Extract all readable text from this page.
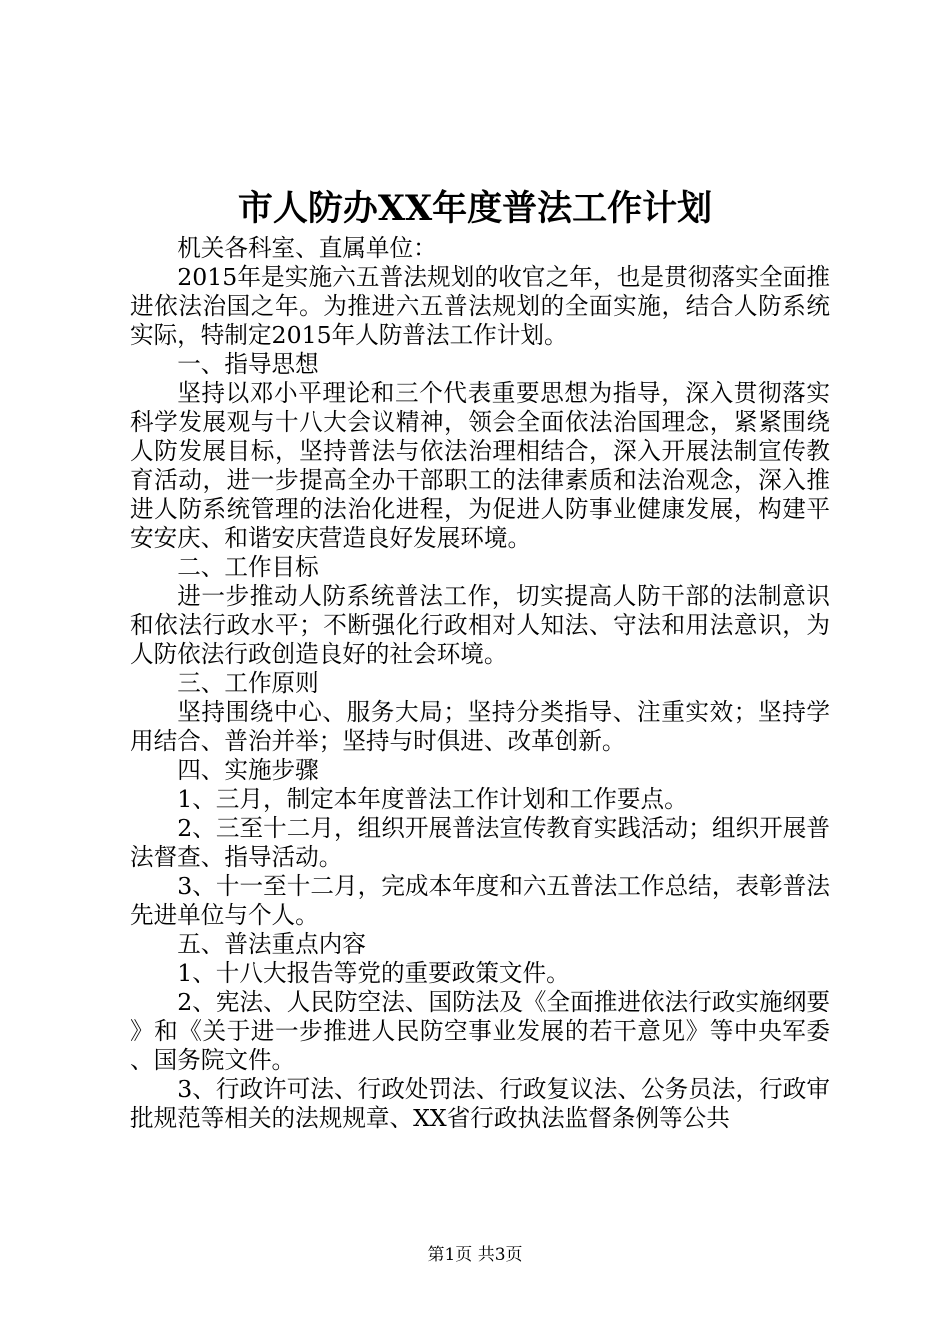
市人防办XX年度普法工作计划

机关各科室、直属单位：

2015年是实施六五普法规划的收官之年，也是贯彻落实全面推进依法治国之年。为推进六五普法规划的全面实施，结合人防系统实际，特制定2015年人防普法工作计划。

一、指导思想

坚持以邓小平理论和三个代表重要思想为指导，深入贯彻落实科学发展观与十八大会议精神，领会全面依法治国理念，紧紧围绕人防发展目标，坚持普法与依法治理相结合，深入开展法制宣传教育活动，进一步提高全办干部职工的法律素质和法治观念，深入推进人防系统管理的法治化进程，为促进人防事业健康发展，构建平安安庆、和谐安庆营造良好发展环境。

二、工作目标

进一步推动人防系统普法工作，切实提高人防干部的法制意识和依法行政水平；不断强化行政相对人知法、守法和用法意识，为人防依法行政创造良好的社会环境。

三、工作原则

坚持围绕中心、服务大局；坚持分类指导、注重实效；坚持学用结合、普治并举；坚持与时俱进、改革创新。

四、实施步骤

1、三月，制定本年度普法工作计划和工作要点。

2、三至十二月，组织开展普法宣传教育实践活动；组织开展普法督查、指导活动。

3、十一至十二月，完成本年度和六五普法工作总结，表彰普法先进单位与个人。

五、普法重点内容

1、十八大报告等党的重要政策文件。

2、宪法、人民防空法、国防法及《全面推进依法行政实施纲要》和《关于进一步推进人民防空事业发展的若干意见》等中央军委、国务院文件。

3、行政许可法、行政处罚法、行政复议法、公务员法，行政审批规范等相关的法规规章、XX省行政执法监督条例等公共

第1页 共3页
